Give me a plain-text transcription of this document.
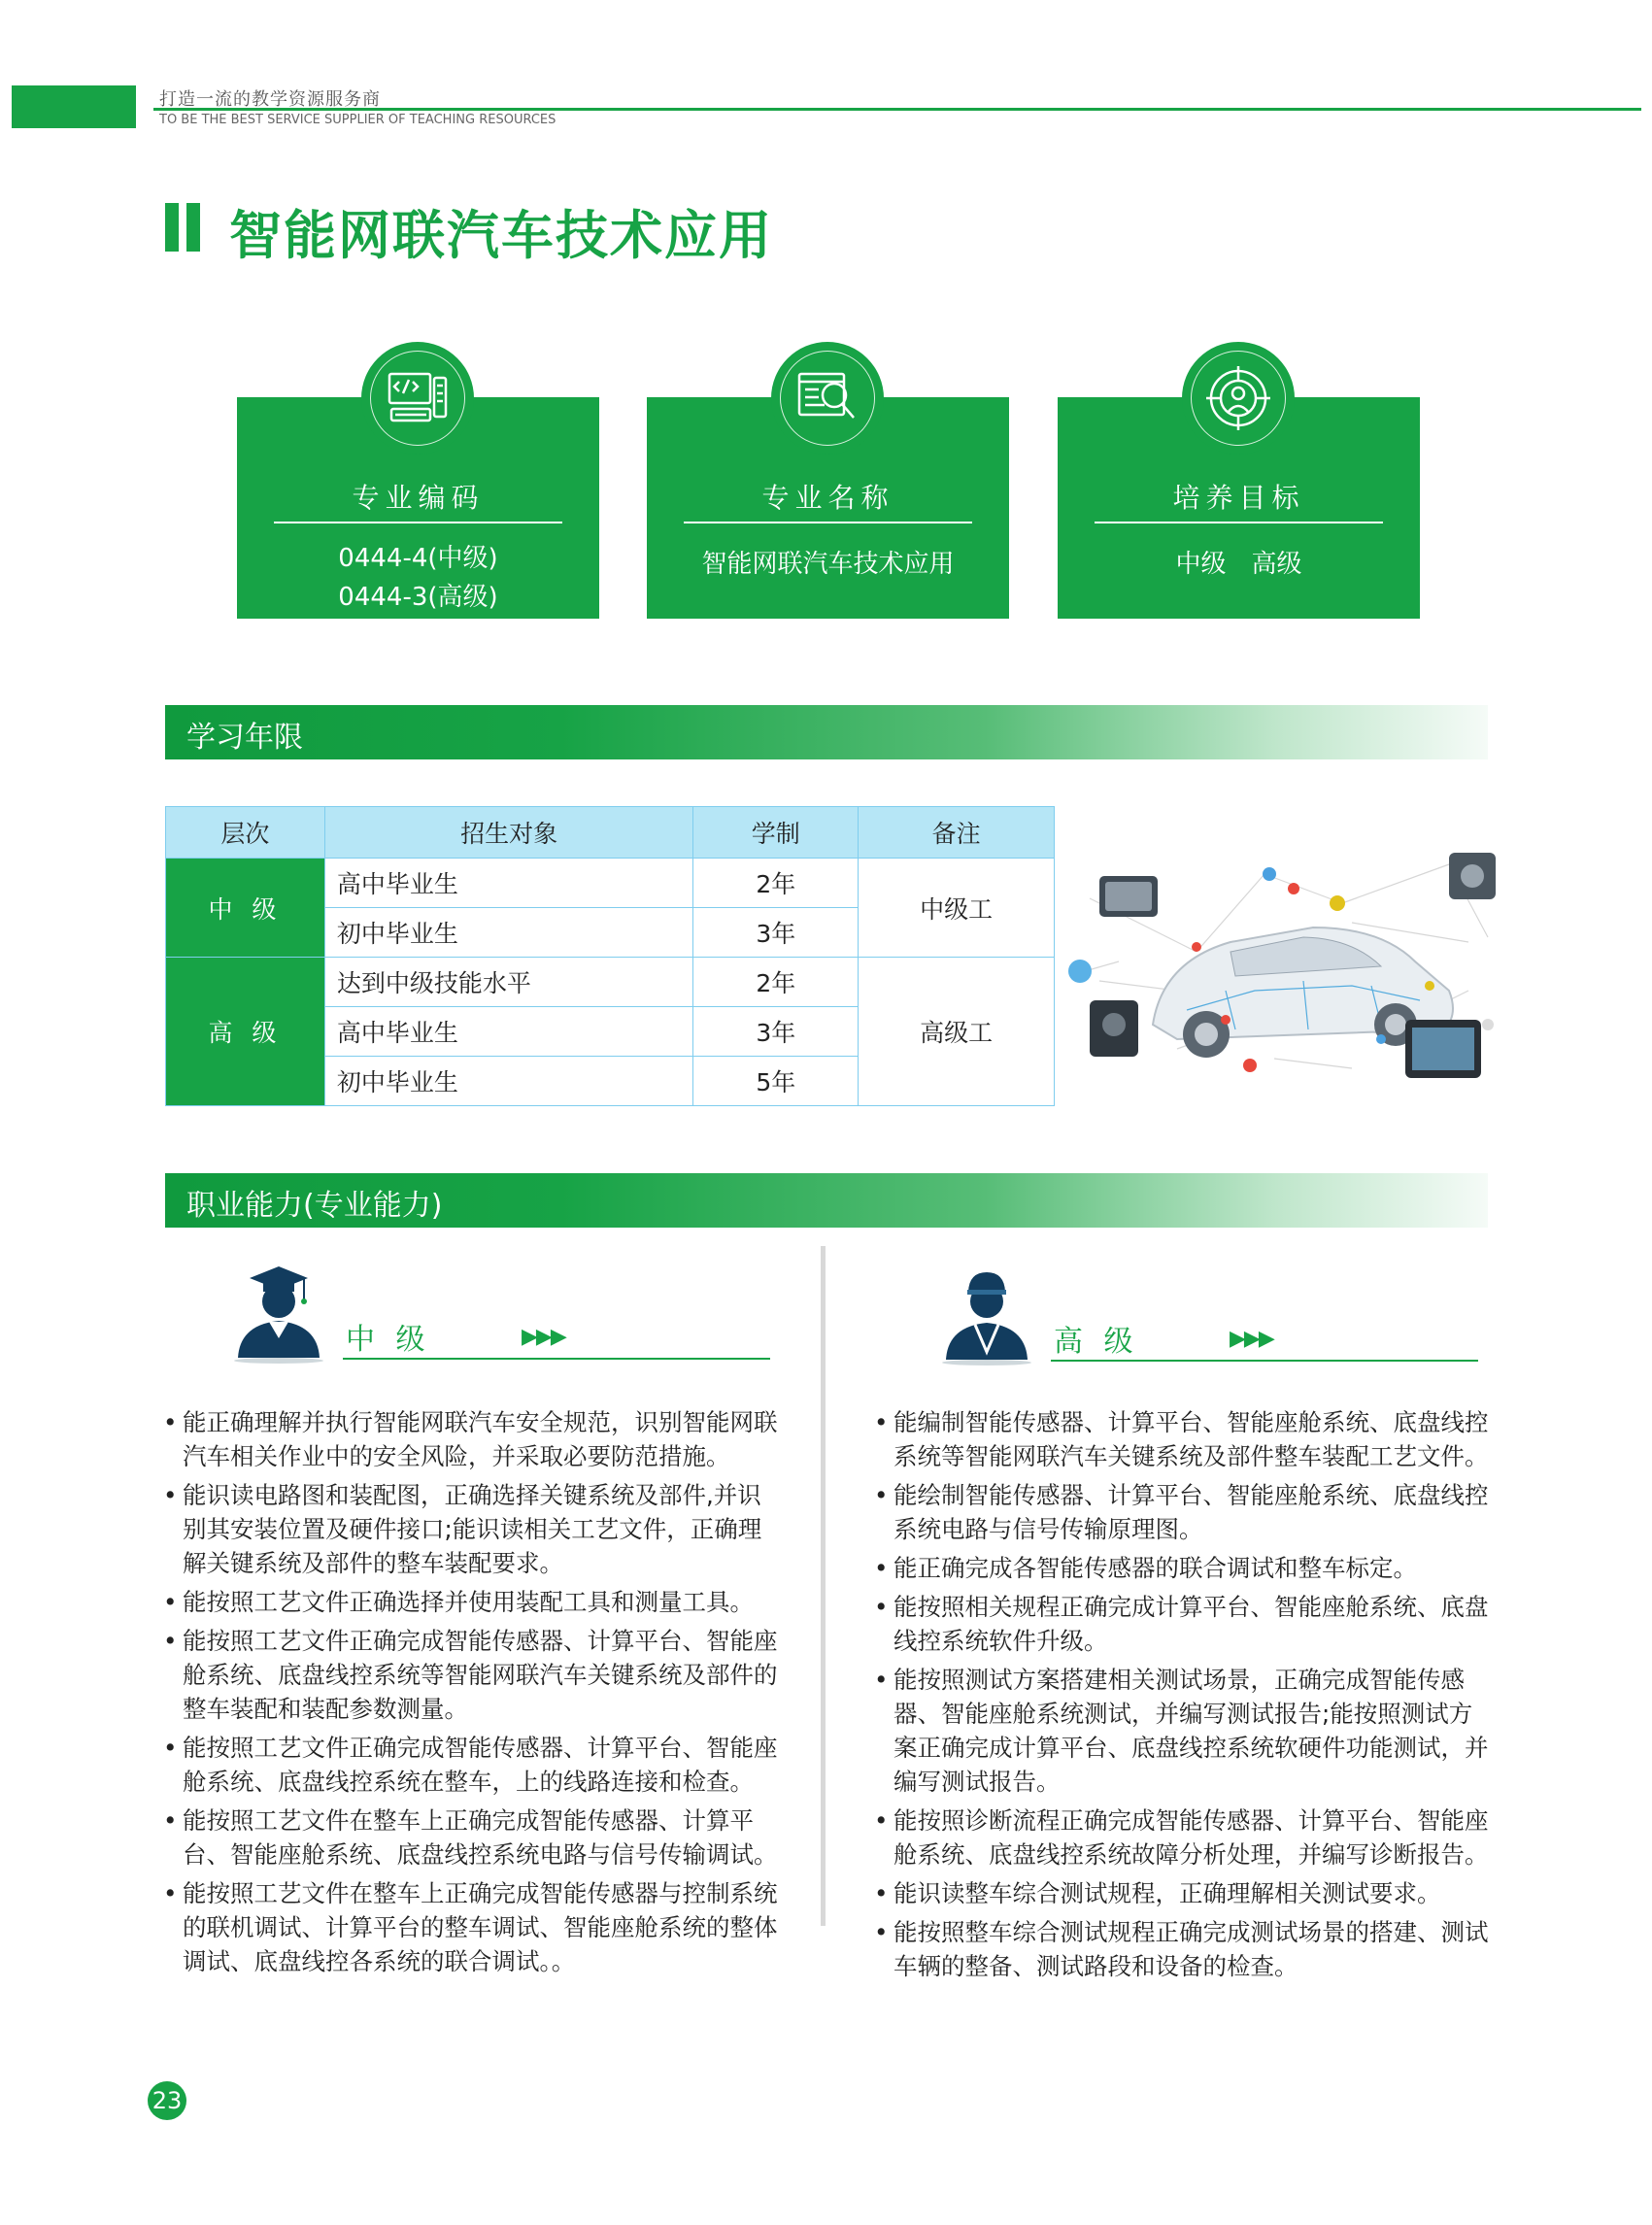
打造一流的教学资源服务商
TO BE THE BEST SERVICE SUPPLIER OF TEACHING RESOURCES
智能网联汽车技术应用
专业编码
0444-4(中级)
0444-3(高级)
专业名称
智能网联汽车技术应用
培养目标
中级　高级
学习年限
层次	招生对象	学制	备注
中 级	高中毕业生	2年	中级工
	初中毕业生	3年	
高 级	达到中级技能水平	2年	高级工
	高中毕业生	3年	
	初中毕业生	5年	
职业能力(专业能力)
中 级	▶▶▶	高 级	▶▶▶
• 能正确理解并执行智能网联汽车安全规范，识别智能网联汽车相关作业中的安全风险，并采取必要防范措施。
• 能识读电路图和装配图，正确选择关键系统及部件,并识别其安装位置及硬件接口;能识读相关工艺文件，正确理解关键系统及部件的整车装配要求。
• 能按照工艺文件正确选择并使用装配工具和测量工具。
• 能按照工艺文件正确完成智能传感器、计算平台、智能座舱系统、底盘线控系统等智能网联汽车关键系统及部件的整车装配和装配参数测量。
• 能按照工艺文件正确完成智能传感器、计算平台、智能座舱系统、底盘线控系统在整车，上的线路连接和检查。
• 能按照工艺文件在整车上正确完成智能传感器、计算平台、智能座舱系统、底盘线控系统电路与信号传输调试。
• 能按照工艺文件在整车上正确完成智能传感器与控制系统的联机调试、计算平台的整车调试、智能座舱系统的整体调试、底盘线控各系统的联合调试。。
• 能编制智能传感器、计算平台、智能座舱系统、底盘线控系统等智能网联汽车关键系统及部件整车装配工艺文件。
• 能绘制智能传感器、计算平台、智能座舱系统、底盘线控系统电路与信号传输原理图。
• 能正确完成各智能传感器的联合调试和整车标定。
• 能按照相关规程正确完成计算平台、智能座舱系统、底盘线控系统软件升级。
• 能按照测试方案搭建相关测试场景，正确完成智能传感器、智能座舱系统测试，并编写测试报告;能按照测试方案正确完成计算平台、底盘线控系统软硬件功能测试，并编写测试报告。
• 能按照诊断流程正确完成智能传感器、计算平台、智能座舱系统、底盘线控系统故障分析处理，并编写诊断报告。
• 能识读整车综合测试规程，正确理解相关测试要求。
• 能按照整车综合测试规程正确完成测试场景的搭建、测试车辆的整备、测试路段和设备的检查。
23
